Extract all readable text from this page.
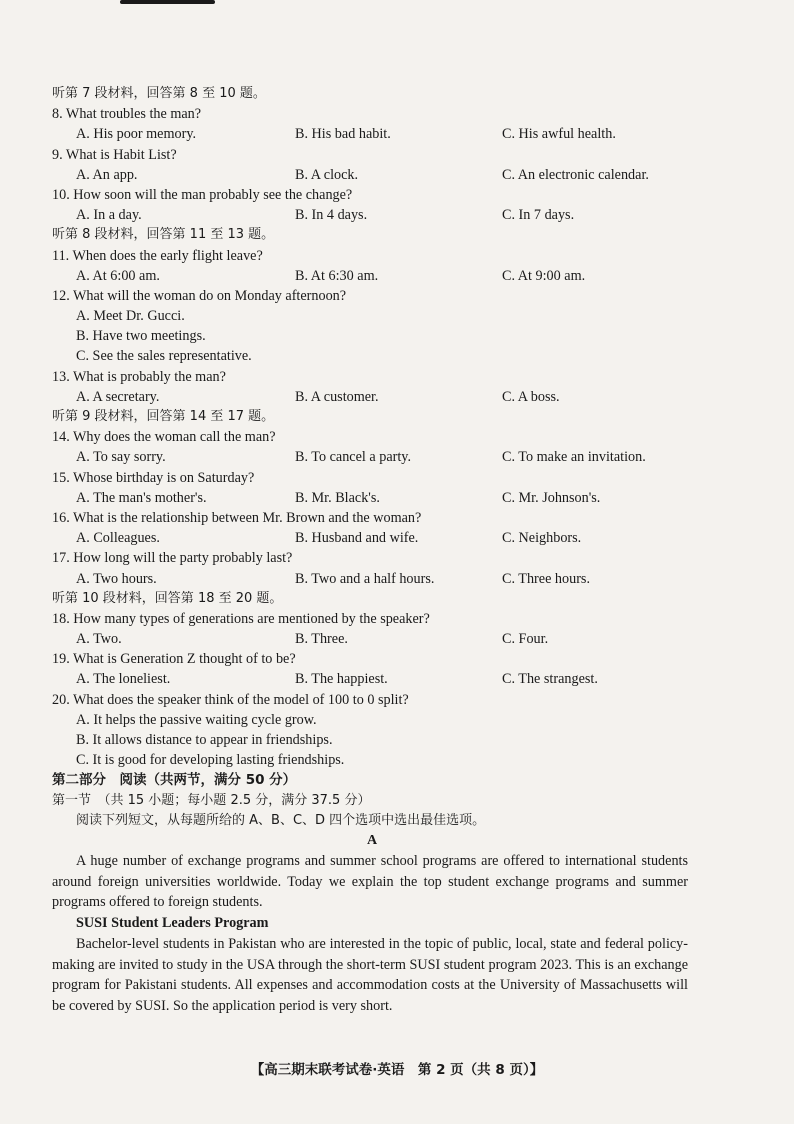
听第 7 段材料，回答第 8 至 10 题。
8. What troubles the man?
A. His poor memory.	B. His bad habit.	C. His awful health.
9. What is Habit List?
A. An app.	B. A clock.	C. An electronic calendar.
10. How soon will the man probably see the change?
A. In a day.	B. In 4 days.	C. In 7 days.
听第 8 段材料，回答第 11 至 13 题。
11. When does the early flight leave?
A. At 6:00 am.	B. At 6:30 am.	C. At 9:00 am.
12. What will the woman do on Monday afternoon?
A. Meet Dr. Gucci.
B. Have two meetings.
C. See the sales representative.
13. What is probably the man?
A. A secretary.	B. A customer.	C. A boss.
听第 9 段材料，回答第 14 至 17 题。
14. Why does the woman call the man?
A. To say sorry.	B. To cancel a party.	C. To make an invitation.
15. Whose birthday is on Saturday?
A. The man's mother's.	B. Mr. Black's.	C. Mr. Johnson's.
16. What is the relationship between Mr. Brown and the woman?
A. Colleagues.	B. Husband and wife.	C. Neighbors.
17. How long will the party probably last?
A. Two hours.	B. Two and a half hours.	C. Three hours.
听第 10 段材料，回答第 18 至 20 题。
18. How many types of generations are mentioned by the speaker?
A. Two.	B. Three.	C. Four.
19. What is Generation Z thought of to be?
A. The loneliest.	B. The happiest.	C. The strangest.
20. What does the speaker think of the model of 100 to 0 split?
A. It helps the passive waiting cycle grow.
B. It allows distance to appear in friendships.
C. It is good for developing lasting friendships.
第二部分　阅读（共两节，满分 50 分）
第一节　（共 15 小题；每小题 2.5 分，满分 37.5 分）
阅读下列短文，从每题所给的 A、B、C、D 四个选项中选出最佳选项。
A

A huge number of exchange programs and summer school programs are offered to international students around foreign universities worldwide. Today we explain the top student exchange programs and summer programs offered to foreign students.

SUSI Student Leaders Program

Bachelor-level students in Pakistan who are interested in the topic of public, local, state and federal policy-making are invited to study in the USA through the short-term SUSI student program 2023. This is an exchange program for Pakistani students. All expenses and accommodation costs at the University of Massachusetts will be covered by SUSI. So the application period is very short.

【高三期末联考试卷·英语　第 2 页（共 8 页）】
